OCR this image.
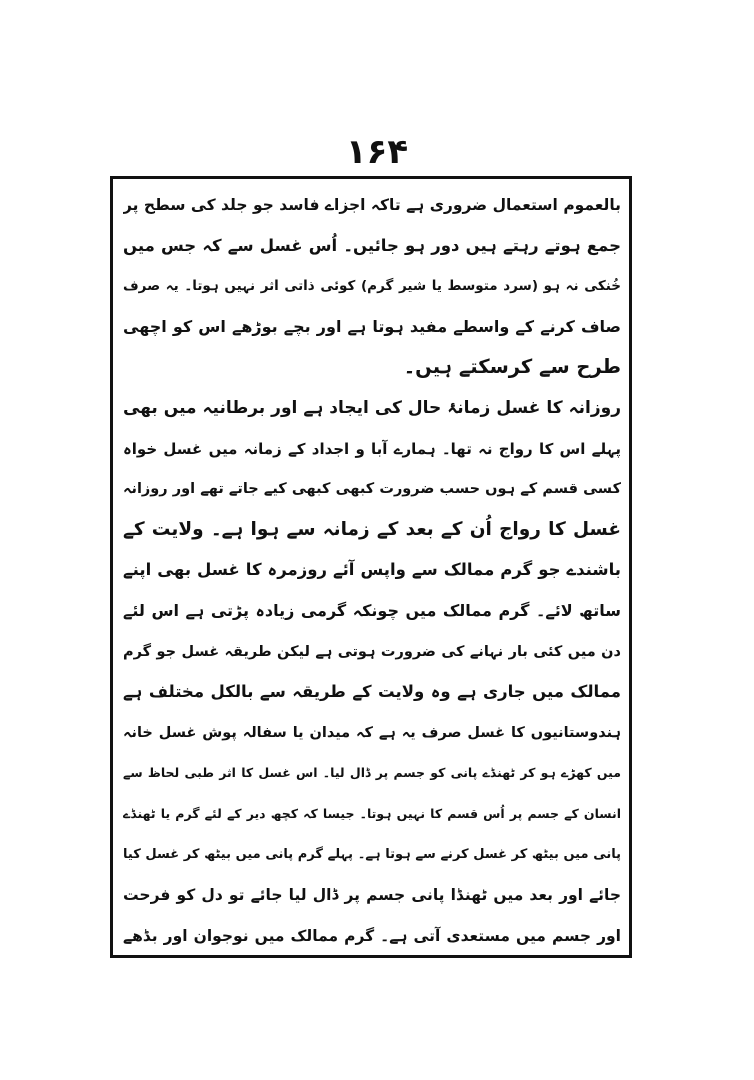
۱۶۴
بالعموم استعمال ضروری ہے تاکہ اجزاے فاسد جو جلد کی سطح پر
جمع ہوتے رہتے ہیں دور ہو جائیں۔ اُس غسل سے کہ جس میں
خُنکی نہ ہو (سرد متوسط یا شیر گرم) کوئی ذاتی اثر نہیں ہوتا۔ یہ صرف
صاف کرنے کے واسطے مفید ہوتا ہے اور بچے بوڑھے اس کو اچھی
طرح سے کرسکتے ہیں۔
روزانہ کا غسل زمانۂ حال کی ایجاد ہے اور برطانیہ میں بھی
پہلے اس کا رواج نہ تھا۔ ہمارے آبا و اجداد کے زمانہ میں غسل خواہ
کسی قسم کے ہوں حسب ضرورت کبھی کبھی کیے جاتے تھے اور روزانہ
غسل کا رواج اُن کے بعد کے زمانہ سے ہوا ہے۔ ولایت کے
باشندے جو گرم ممالک سے واپس آئے روزمرہ کا غسل بھی اپنے
ساتھ لائے۔ گرم ممالک میں چونکہ گرمی زیادہ پڑتی ہے اس لئے
دن میں کئی بار نہانے کی ضرورت ہوتی ہے لیکن طریقہ غسل جو گرم
ممالک میں جاری ہے وہ ولایت کے طریقہ سے بالکل مختلف ہے
ہندوستانیوں کا غسل صرف یہ ہے کہ میدان یا سفالہ پوش غسل خانہ
میں کھڑے ہو کر ٹھنڈے پانی کو جسم پر ڈال لیا۔ اس غسل کا اثر طبی لحاظ سے
انسان کے جسم پر اُس قسم کا نہیں ہوتا۔ جیسا کہ کچھ دیر کے لئے گرم یا ٹھنڈے
پانی میں بیٹھ کر غسل کرنے سے ہوتا ہے۔ پہلے گرم پانی میں بیٹھ کر غسل کیا
جائے اور بعد میں ٹھنڈا پانی جسم پر ڈال لیا جائے تو دل کو فرحت
اور جسم میں مستعدی آتی ہے۔ گرم ممالک میں نوجوان اور بڈھے
